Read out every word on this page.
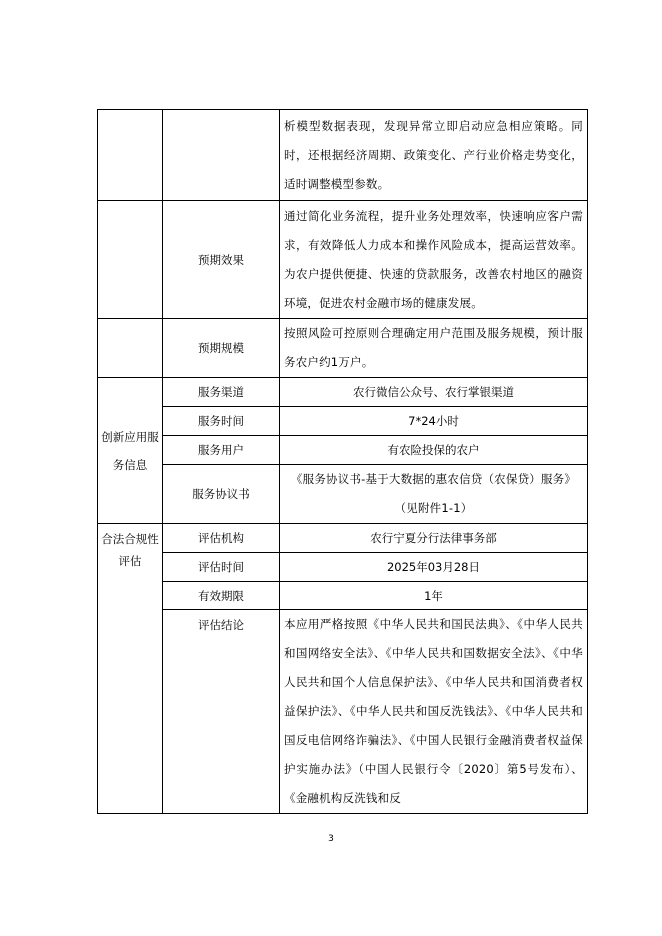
		析模型数据表现，发现异常立即启动应急相应策略。同时，还根据经济周期、政策变化、产行业价格走势变化，适时调整模型参数。
	预期效果	通过简化业务流程，提升业务处理效率，快速响应客户需求，有效降低人力成本和操作风险成本，提高运营效率。为农户提供便捷、快速的贷款服务，改善农村地区的融资环境，促进农村金融市场的健康发展。
	预期规模	按照风险可控原则合理确定用户范围及服务规模，预计服务农户约1万户。
创新应用服务信息	服务渠道	农行微信公众号、农行掌银渠道
	服务时间	7*24小时
	服务用户	有农险投保的农户
	服务协议书	《服务协议书-基于大数据的惠农信贷（农保贷）服务》（见附件1-1）
合法合规性评估	评估机构	农行宁夏分行法律事务部
	评估时间	2025年03月28日
	有效期限	1年
	评估结论	本应用严格按照《中华人民共和国民法典》、《中华人民共和国网络安全法》、《中华人民共和国数据安全法》、《中华人民共和国个人信息保护法》、《中华人民共和国消费者权益保护法》、《中华人民共和国反洗钱法》、《中华人民共和国反电信网络诈骗法》、《中国人民银行金融消费者权益保护实施办法》（中国人民银行令〔2020〕第5号发布）、《金融机构反洗钱和反
3
